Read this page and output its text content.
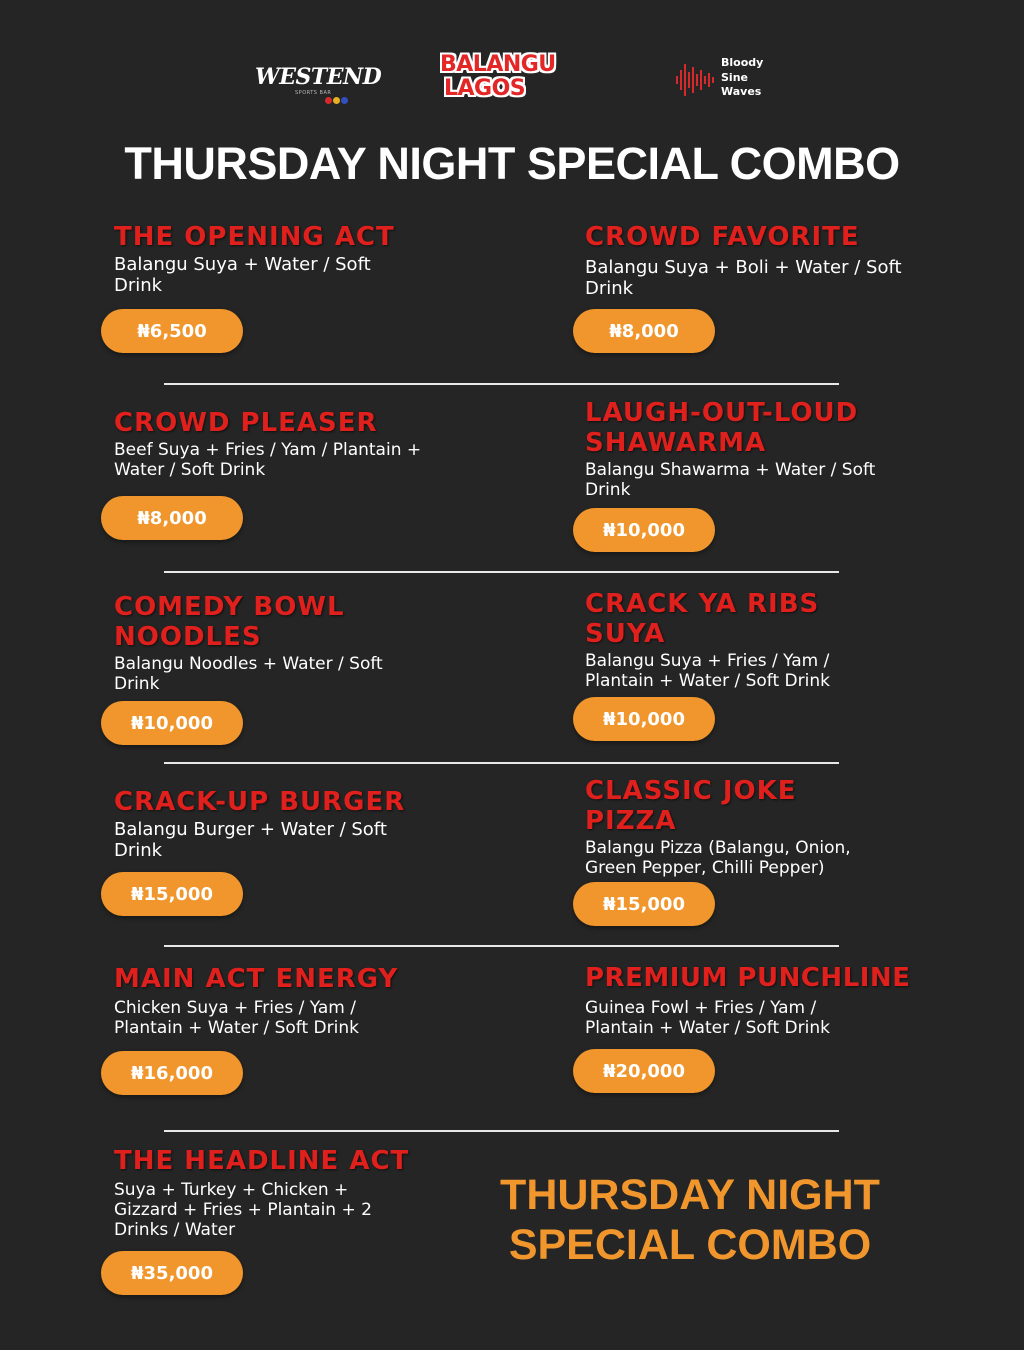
WESTEND
SPORTS BAR
BALANGU
LAGOS
Bloody
Sine
Waves
THURSDAY NIGHT SPECIAL COMBO
THE OPENING ACT
Balangu Suya + Water / Soft Drink
₦6,500
CROWD FAVORITE
Balangu Suya + Boli + Water / Soft Drink
₦8,000
CROWD PLEASER
Beef Suya + Fries / Yam / Plantain + Water / Soft Drink
₦8,000
LAUGH-OUT-LOUD SHAWARMA
Balangu Shawarma + Water / Soft Drink
₦10,000
COMEDY BOWL NOODLES
Balangu Noodles + Water / Soft Drink
₦10,000
CRACK YA RIBS SUYA
Balangu Suya + Fries / Yam / Plantain + Water / Soft Drink
₦10,000
CRACK-UP BURGER
Balangu Burger + Water / Soft Drink
₦15,000
CLASSIC JOKE PIZZA
Balangu Pizza (Balangu, Onion, Green Pepper, Chilli Pepper)
₦15,000
MAIN ACT ENERGY
Chicken Suya + Fries / Yam / Plantain + Water / Soft Drink
₦16,000
PREMIUM PUNCHLINE
Guinea Fowl + Fries / Yam / Plantain + Water / Soft Drink
₦20,000
THE HEADLINE ACT
Suya + Turkey + Chicken + Gizzard + Fries + Plantain + 2 Drinks / Water
₦35,000
THURSDAY NIGHT
SPECIAL COMBO
